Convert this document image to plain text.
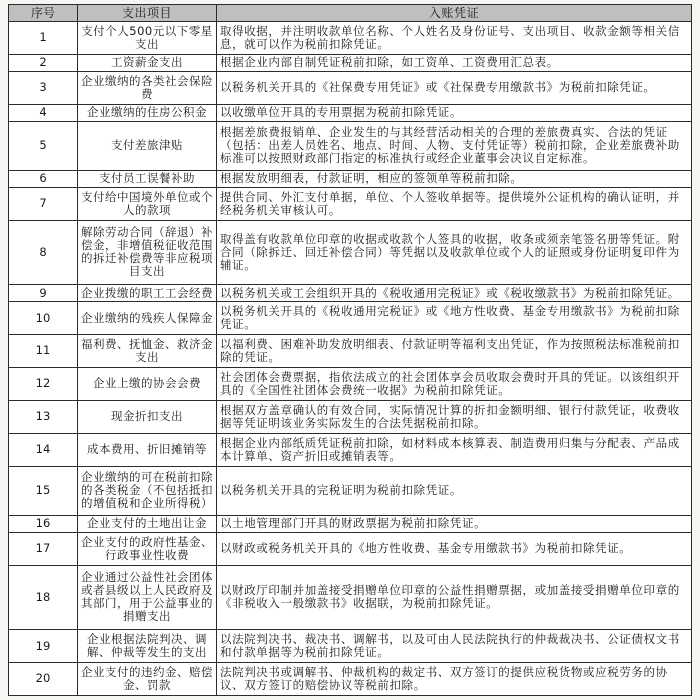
序号	支出项目	入账凭证
1	支付个人500元以下零星支出	取得收据，并注明收款单位名称、个人姓名及身份证号、支出项目、收款金额等相关信息，就可以作为税前扣除凭证。
2	工资薪金支出	根据企业内部自制凭证税前扣除，如工资单、工资费用汇总表。
3	企业缴纳的各类社会保险费	以税务机关开具的《社保费专用凭证》或《社保费专用缴款书》为税前扣除凭证。
4	企业缴纳的住房公积金	以收缴单位开具的专用票据为税前扣除凭证。
5	支付差旅津贴	根据差旅费报销单、企业发生的与其经营活动相关的合理的差旅费真实、合法的凭证（包括：出差人员姓名、地点、时间、人物、支付凭证等）税前扣除，企业差旅费补助标准可以按照财政部门指定的标准执行或经企业董事会决议自定标准。
6	支付员工误餐补助	根据发放明细表，付款证明，相应的签领单等税前扣除。
7	支付给中国境外单位或个人的款项	提供合同、外汇支付单据，单位、个人签收单据等。提供境外公证机构的确认证明，并经税务机关审核认可。
8	解除劳动合同（辞退）补偿金，非增值税征收范围的拆迁补偿费等非应税项目支出	取得盖有收款单位印章的收据或收款个人签具的收据，收条或须亲笔签名册等凭证。附合同（除拆迁、回迁补偿合同）等凭据以及收款单位或个人的证照或身份证明复印件为辅证。
9	企业拨缴的职工工会经费	以税务机关或工会组织开具的《税收通用完税证》或《税收缴款书》为税前扣除凭证。
10	企业缴纳的残疾人保障金	以税务机关开具的《税收通用完税证》或《地方性收费、基金专用缴款书》为税前扣除凭证。
11	福利费、抚恤金、救济金支出	以福利费、困难补助发放明细表、付款证明等福利支出凭证，作为按照税法标准税前扣除的凭证。
12	企业上缴的协会会费	社会团体会费票据，指依法成立的社会团体享会员收取会费时开具的凭证。以该组织开具的《全国性社团体会费统一收据》为税前扣除凭证。
13	现金折扣支出	根据双方盖章确认的有效合同，实际情况计算的折扣金额明细、银行付款凭证，收费收据等凭证明该业务实际发生的合法凭据税前扣除。
14	成本费用、折旧摊销等	根据企业内部纸质凭证税前扣除，如材料成本核算表、制造费用归集与分配表、产品成本计算单、资产折旧或摊销表等。
15	企业缴纳的可在税前扣除的各类税金（不包括抵扣的增值税和企业所得税）	以税务机关开具的完税证明为税前扣除凭证。
16	企业支付的土地出让金	以土地管理部门开具的财政票据为税前扣除凭证。
17	企业支付的政府性基金、行政事业性收费	以财政或税务机关开具的《地方性收费、基金专用缴款书》为税前扣除凭证。
18	企业通过公益性社会团体或者县级以上人民政府及其部门，用于公益事业的捐赠支出	以财政厅印制并加盖接受捐赠单位印章的公益性捐赠票据，或加盖接受捐赠单位印章的《非税收入一般缴款书》收据联，为税前扣除凭证。
19	企业根据法院判决、调解、仲裁等发生的支出	以法院判决书、裁决书、调解书，以及可由人民法院执行的仲裁裁决书、公证债权文书和付款单据等为税前扣除凭证。
20	企业支付的违约金、赔偿金、罚款	法院判决书或调解书、仲裁机构的裁定书、双方签订的提供应税货物或应税劳务的协议、双方签订的赔偿协议等税前扣除。
